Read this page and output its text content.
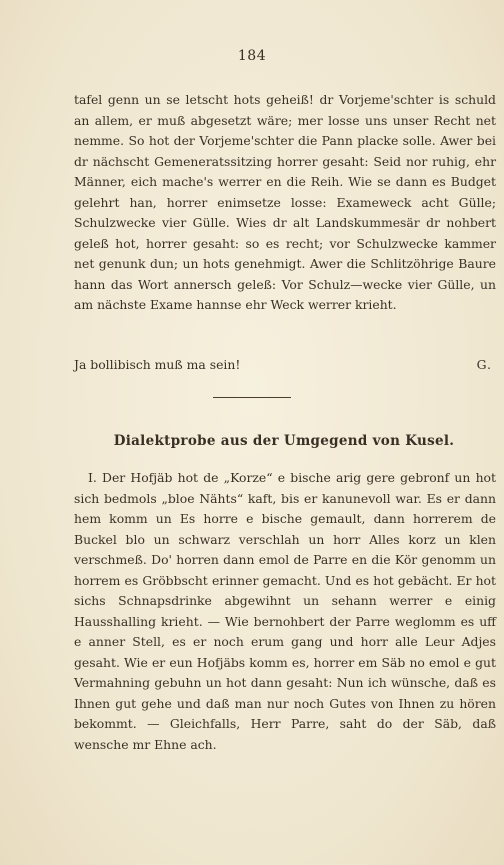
184
tafel genn un se letscht hots geheiß! dr Vorjeme'schter is schuld an allem, er muß abgesetzt wäre; mer losse uns unser Recht net nemme. So hot der Vorjeme'schter die Pann placke solle. Awer bei dr nächscht Gemeneratssitzing horrer gesaht: Seid nor ruhig, ehr Männer, eich mache's werrer en die Reih. Wie se dann es Budget gelehrt han, horrer enimsetze losse: Exameweck acht Gülle; Schulzwecke vier Gülle. Wies dr alt Landskummesär dr nohbert geleß hot, horrer gesaht: so es recht; vor Schulzwecke kammer net genunk dun; un hots genehmigt. Awer die Schlitzöhrige Baure hann das Wort annersch geleß: Vor Schulz—wecke vier Gülle, un am nächste Exame hannse ehr Weck werrer krieht.
Ja bollibisch muß ma sein!	G.
Dialektprobe aus der Umgegend von Kusel.
I. Der Hofjäb hot de „Korze“ e bische arig gere gebronf un hot sich bedmols „bloe Nähts“ kaft, bis er kanunevoll war. Es er dann hem komm un Es horre e bische gemault, dann horrerem de Buckel blo un schwarz verschlah un horr Alles korz un klen verschmeß. Do' horren dann emol de Parre en die Kör genomm un horrem es Gröbbscht erinner gemacht. Und es hot gebächt. Er hot sichs Schnapsdrinke abgewihnt un sehann werrer e einig Hausshalling krieht. — Wie bernohbert der Parre weglomm es uff e anner Stell, es er noch erum gang und horr alle Leur Adjes gesaht. Wie er eun Hofjäbs komm es, horrer em Säb no emol e gut Vermahning gebuhn un hot dann gesaht: Nun ich wünsche, daß es Ihnen gut gehe und daß man nur noch Gutes von Ihnen zu hören bekommt. — Gleichfalls, Herr Parre, saht do der Säb, daß wensche mr Ehne ach.
